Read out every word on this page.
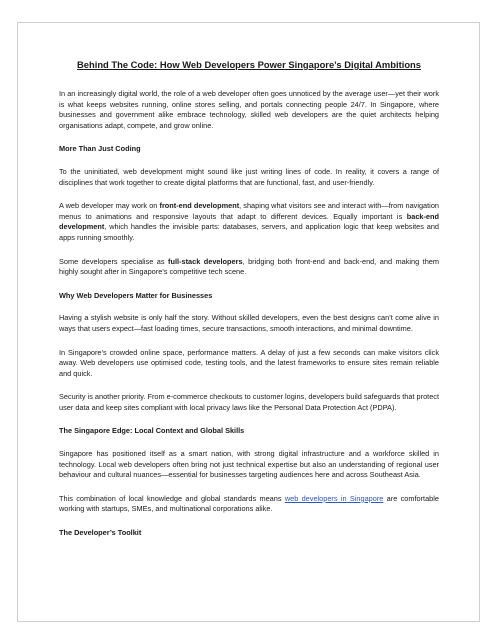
Behind The Code: How Web Developers Power Singapore’s Digital Ambitions

In an increasingly digital world, the role of a web developer often goes unnoticed by the average user—yet their work is what keeps websites running, online stores selling, and portals connecting people 24/7. In Singapore, where businesses and government alike embrace technology, skilled web developers are the quiet architects helping organisations adapt, compete, and grow online.

More Than Just Coding

To the uninitiated, web development might sound like just writing lines of code. In reality, it covers a range of disciplines that work together to create digital platforms that are functional, fast, and user-friendly.

A web developer may work on front-end development, shaping what visitors see and interact with—from navigation menus to animations and responsive layouts that adapt to different devices. Equally important is back-end development, which handles the invisible parts: databases, servers, and application logic that keep websites and apps running smoothly.

Some developers specialise as full-stack developers, bridging both front-end and back-end, and making them highly sought after in Singapore’s competitive tech scene.

Why Web Developers Matter for Businesses

Having a stylish website is only half the story. Without skilled developers, even the best designs can’t come alive in ways that users expect—fast loading times, secure transactions, smooth interactions, and minimal downtime.

In Singapore’s crowded online space, performance matters. A delay of just a few seconds can make visitors click away. Web developers use optimised code, testing tools, and the latest frameworks to ensure sites remain reliable and quick.

Security is another priority. From e-commerce checkouts to customer logins, developers build safeguards that protect user data and keep sites compliant with local privacy laws like the Personal Data Protection Act (PDPA).

The Singapore Edge: Local Context and Global Skills

Singapore has positioned itself as a smart nation, with strong digital infrastructure and a workforce skilled in technology. Local web developers often bring not just technical expertise but also an understanding of regional user behaviour and cultural nuances—essential for businesses targeting audiences here and across Southeast Asia.

This combination of local knowledge and global standards means web developers in Singapore are comfortable working with startups, SMEs, and multinational corporations alike.

The Developer’s Toolkit
